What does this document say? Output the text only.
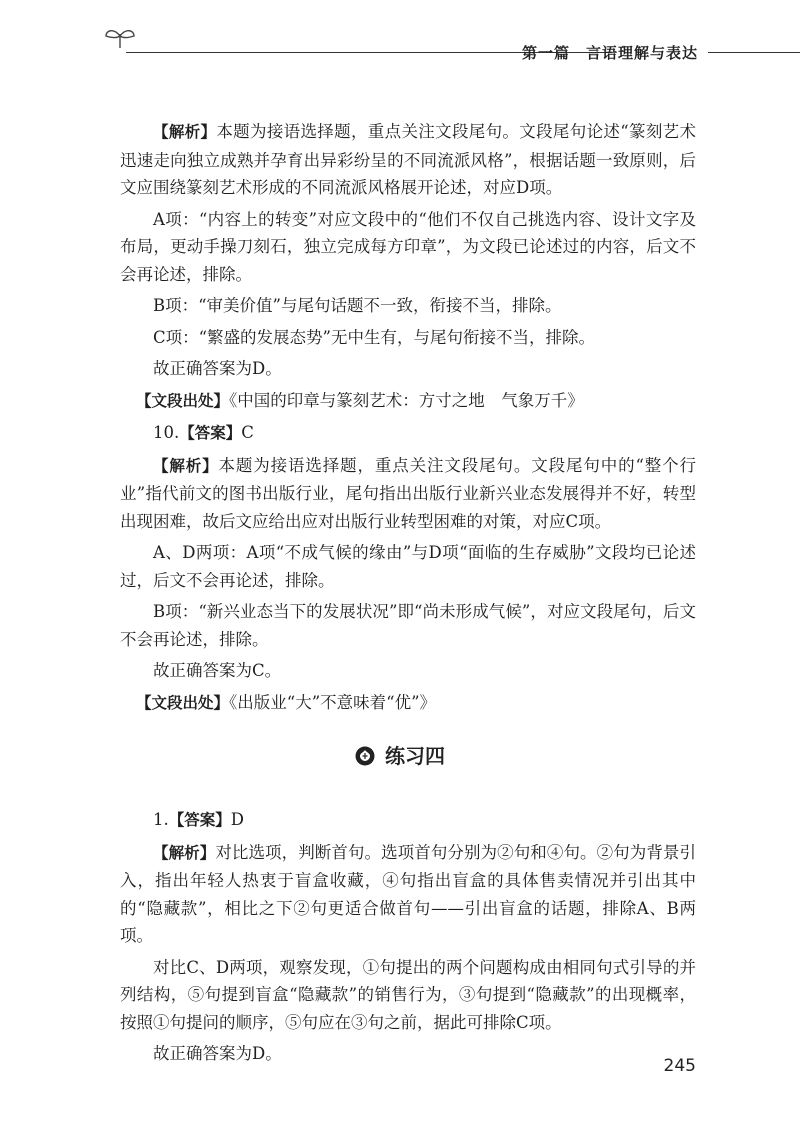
第一篇 言语理解与表达

【解析】本题为接语选择题，重点关注文段尾句。文段尾句论述“篆刻艺术迅速走向独立成熟并孕育出异彩纷呈的不同流派风格”，根据话题一致原则，后文应围绕篆刻艺术形成的不同流派风格展开论述，对应D项。

A项：“内容上的转变”对应文段中的“他们不仅自己挑选内容、设计文字及布局，更动手操刀刻石，独立完成每方印章”，为文段已论述过的内容，后文不会再论述，排除。

B项：“审美价值”与尾句话题不一致，衔接不当，排除。

C项：“繁盛的发展态势”无中生有，与尾句衔接不当，排除。

故正确答案为D。

【文段出处】《中国的印章与篆刻艺术：方寸之地　气象万千》

10.【答案】C

【解析】本题为接语选择题，重点关注文段尾句。文段尾句中的“整个行业”指代前文的图书出版行业，尾句指出出版行业新兴业态发展得并不好，转型出现困难，故后文应给出应对出版行业转型困难的对策，对应C项。

A、D两项：A项“不成气候的缘由”与D项“面临的生存威胁”文段均已论述过，后文不会再论述，排除。

B项：“新兴业态当下的发展状况”即“尚未形成气候”，对应文段尾句，后文不会再论述，排除。

故正确答案为C。

【文段出处】《出版业“大”不意味着“优”》

练习四

1.【答案】D

【解析】对比选项，判断首句。选项首句分别为②句和④句。②句为背景引入，指出年轻人热衷于盲盒收藏，④句指出盲盒的具体售卖情况并引出其中的“隐藏款”，相比之下②句更适合做首句——引出盲盒的话题，排除A、B两项。

对比C、D两项，观察发现，①句提出的两个问题构成由相同句式引导的并列结构，⑤句提到盲盒“隐藏款”的销售行为，③句提到“隐藏款”的出现概率，按照①句提问的顺序，⑤句应在③句之前，据此可排除C项。

故正确答案为D。

245
